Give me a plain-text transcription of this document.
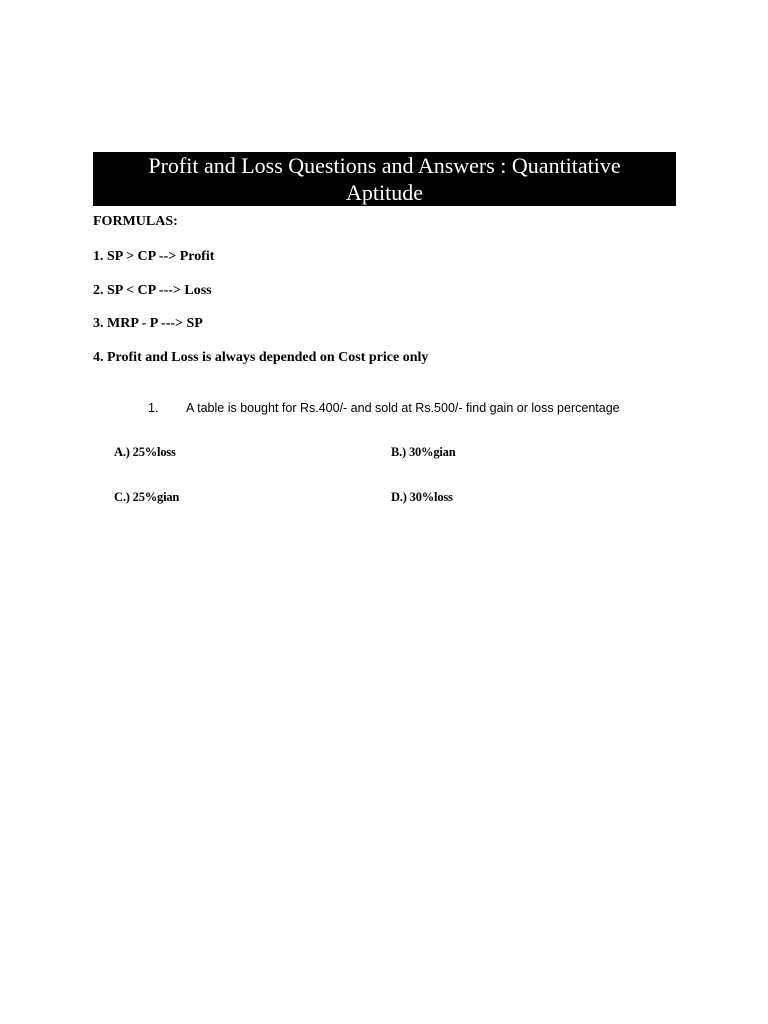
Profit and Loss Questions and Answers : Quantitative
Aptitude
FORMULAS:
1. SP > CP --> Profit
2. SP < CP ---> Loss
3. MRP - P ---> SP
4. Profit and Loss is always depended on Cost price only
1. A table is bought for Rs.400/- and sold at Rs.500/- find gain or loss percentage
A.) 25%loss	B.) 30%gian
C.) 25%gian	D.) 30%loss
